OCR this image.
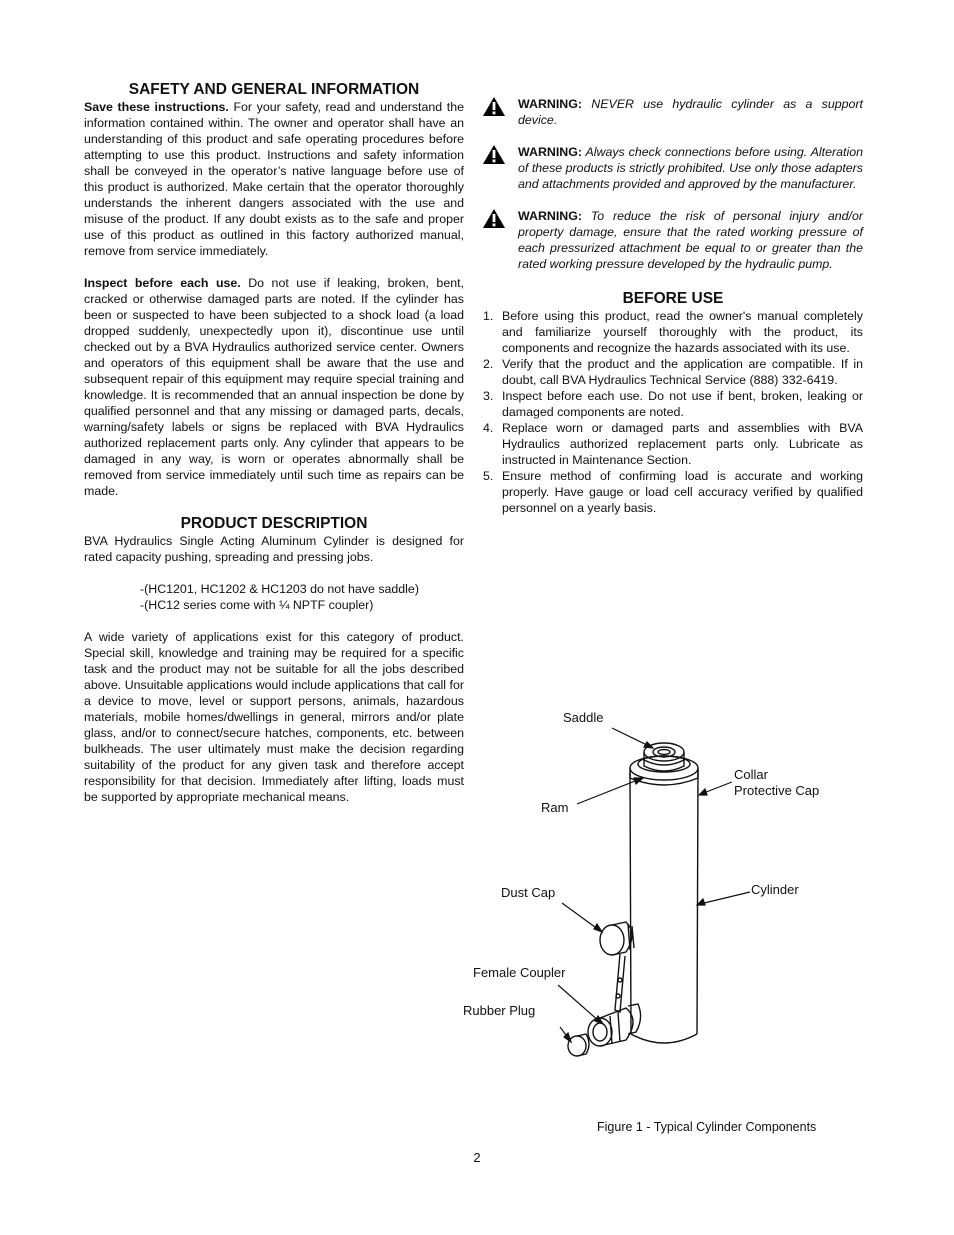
SAFETY AND GENERAL INFORMATION

Save these instructions. For your safety, read and understand the information contained within. The owner and operator shall have an understanding of this product and safe operating procedures before attempting to use this product. Instructions and safety information shall be conveyed in the operator’s native language before use of this product is authorized. Make certain that the operator thoroughly understands the inherent dangers associated with the use and misuse of the product. If any doubt exists as to the safe and proper use of this product as outlined in this factory authorized manual, remove from service immediately.

Inspect before each use. Do not use if leaking, broken, bent, cracked or otherwise damaged parts are noted. If the cylinder has been or suspected to have been subjected to a shock load (a load dropped suddenly, unexpectedly upon it), discontinue use until checked out by a BVA Hydraulics authorized service center. Owners and operators of this equipment shall be aware that the use and subsequent repair of this equipment may require special training and knowledge. It is recommended that an annual inspection be done by qualified personnel and that any missing or damaged parts, decals, warning/safety labels or signs be replaced with BVA Hydraulics authorized replacement parts only. Any cylinder that appears to be damaged in any way, is worn or operates abnormally shall be removed from service immediately until such time as repairs can be made.

PRODUCT DESCRIPTION

BVA Hydraulics Single Acting Aluminum Cylinder is designed for rated capacity pushing, spreading and pressing jobs.

-(HC1201, HC1202 & HC1203 do not have saddle)

-(HC12 series come with ¼ NPTF coupler)

A wide variety of applications exist for this category of product. Special skill, knowledge and training may be required for a specific task and the product may not be suitable for all the jobs described above. Unsuitable applications would include applications that call for a device to move, level or support persons, animals, hazardous materials, mobile homes/dwellings in general, mirrors and/or plate glass, and/or to connect/secure hatches, components, etc. between bulkheads. The user ultimately must make the decision regarding suitability of the product for any given task and therefore accept responsibility for that decision. Immediately after lifting, loads must be supported by appropriate mechanical means.

WARNING: NEVER use hydraulic cylinder as a support device.
WARNING: Always check connections before using. Alteration of these products is strictly prohibited. Use only those adapters and attachments provided and approved by the manufacturer.
WARNING: To reduce the risk of personal injury and/or property damage, ensure that the rated working pressure of each pressurized attachment be equal to or greater than the rated working pressure developed by the hydraulic pump.
BEFORE USE
1. Before using this product, read the owner's manual completely and familiarize yourself thoroughly with the product, its components and recognize the hazards associated with its use.
2. Verify that the product and the application are compatible. If in doubt, call BVA Hydraulics Technical Service (888) 332-6419.
3. Inspect before each use. Do not use if bent, broken, leaking or damaged components are noted.
4. Replace worn or damaged parts and assemblies with BVA Hydraulics authorized replacement parts only. Lubricate as instructed in Maintenance Section.
5. Ensure method of confirming load is accurate and working properly. Have gauge or load cell accuracy verified by qualified personnel on a yearly basis.
Saddle
Collar
Protective Cap
Ram
Cylinder
Dust Cap
Female Coupler
Rubber Plug
Figure 1 - Typical Cylinder Components
2
